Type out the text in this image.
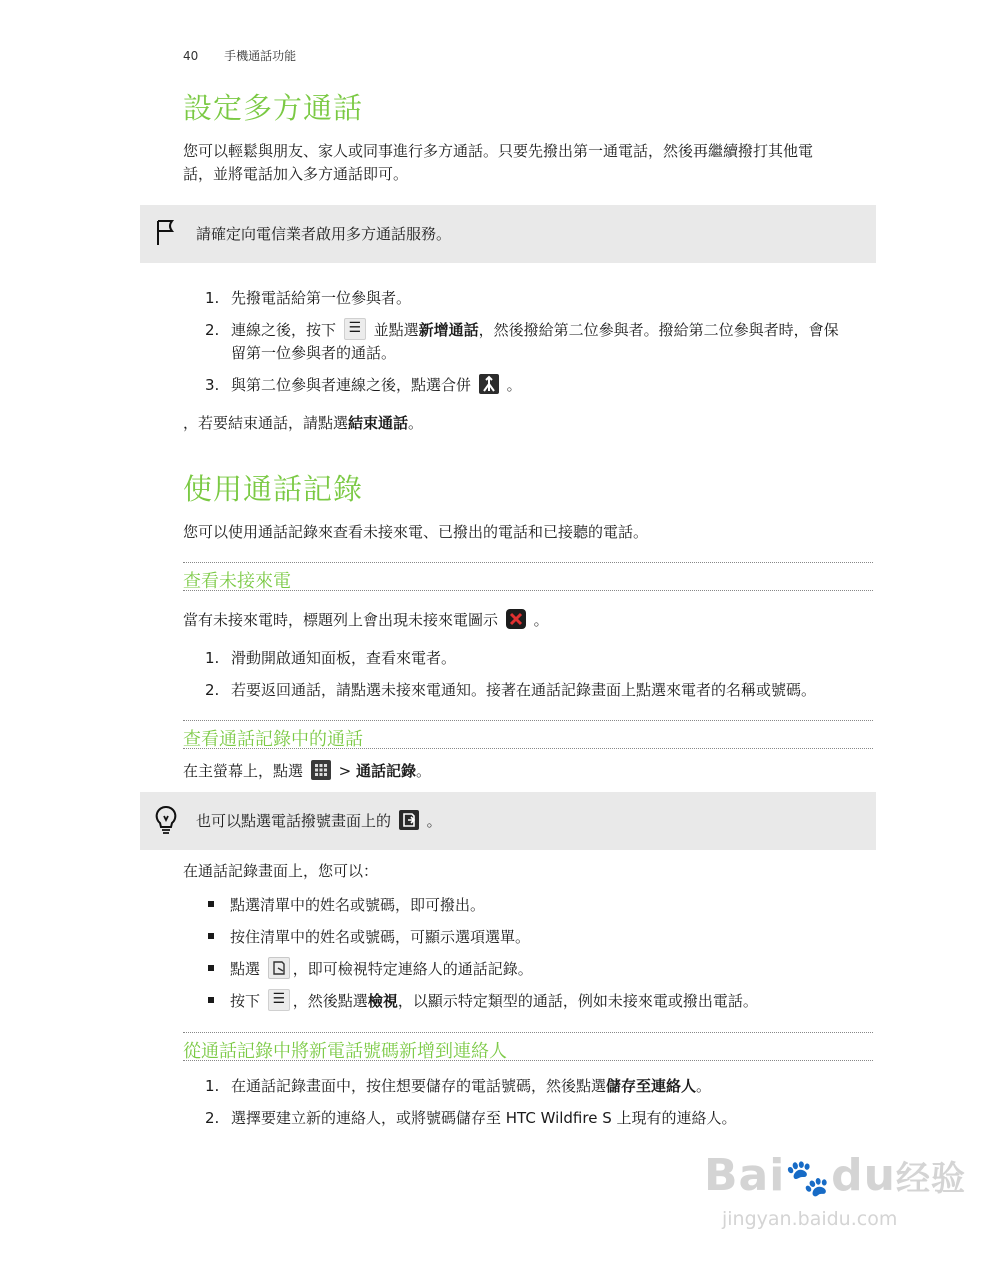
40 手機通話功能
設定多方通話
您可以輕鬆與朋友、家人或同事進行多方通話。只要先撥出第一通電話，然後再繼續撥打其他電
話，並將電話加入多方通話即可。
請確定向電信業者啟用多方通話服務。
1. 先撥電話給第一位參與者。
2. 連線之後，按下 ☰ 並點選新增通話，然後撥給第二位參與者。撥給第二位參與者時，會保
留第一位參與者的通話。
3. 與第二位參與者連線之後，點選合併 。
，若要結束通話，請點選結束通話。
使用通話記錄
您可以使用通話記錄來查看未接來電、已撥出的電話和已接聽的電話。
查看未接來電
當有未接來電時，標題列上會出現未接來電圖示 。
1. 滑動開啟通知面板，查看來電者。
2. 若要返回通話，請點選未接來電通知。接著在通話記錄畫面上點選來電者的名稱或號碼。
查看通話記錄中的通話
在主螢幕上，點選 > 通話記錄。
也可以點選電話撥號畫面上的 。
在通話記錄畫面上，您可以：
點選清單中的姓名或號碼，即可撥出。
按住清單中的姓名或號碼，可顯示選項選單。
點選 ，即可檢視特定連絡人的通話記錄。
按下 ☰ ，然後點選檢視，以顯示特定類型的通話，例如未接來電或撥出電話。
從通話記錄中將新電話號碼新增到連絡人
1. 在通話記錄畫面中，按住想要儲存的電話號碼，然後點選儲存至連絡人。
2. 選擇要建立新的連絡人，或將號碼儲存至 HTC Wildfire S 上現有的連絡人。
Bai🐾du经验
jingyan.baidu.com
